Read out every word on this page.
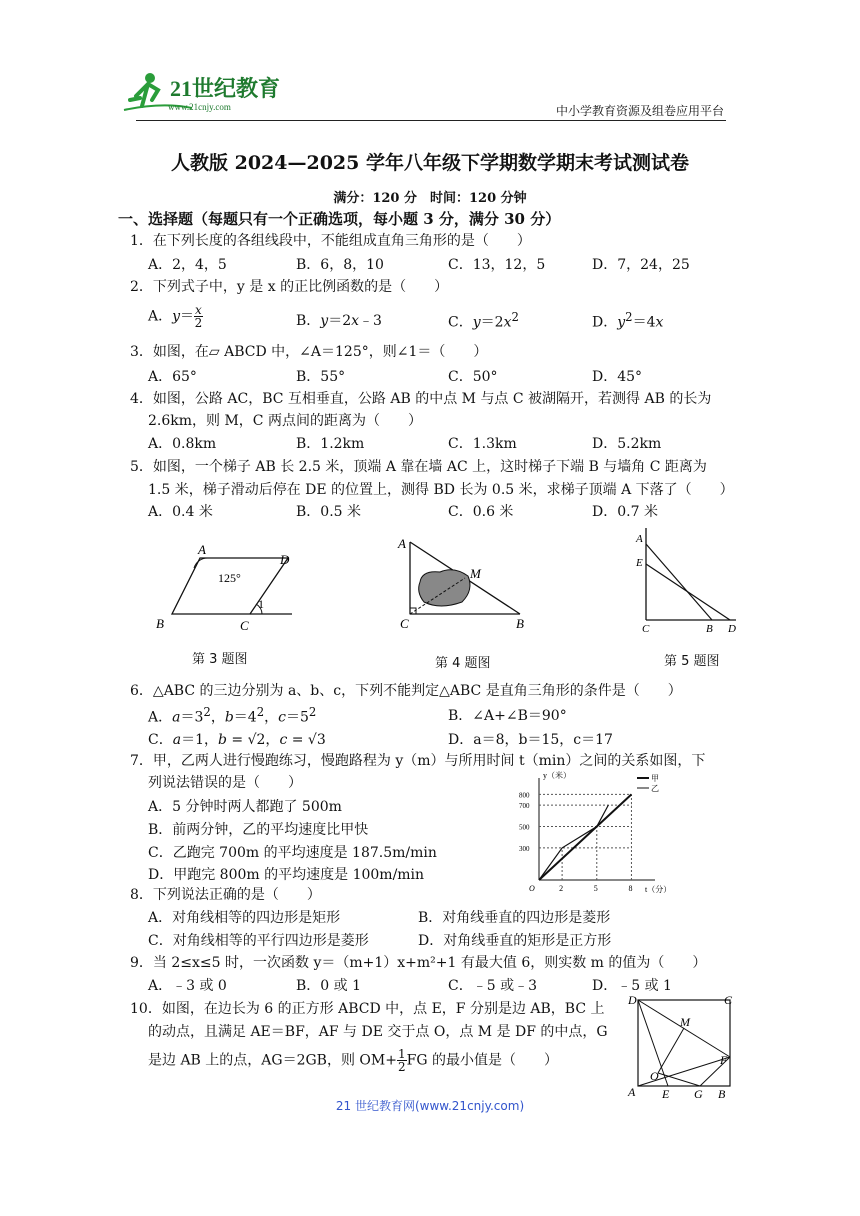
21世纪教育
www.21cnjy.com	中小学教育资源及组卷应用平台
人教版 2024—2025 学年八年级下学期数学期末考试测试卷
满分：120 分　时间：120 分钟
一、选择题（每题只有一个正确选项，每小题 3 分，满分 30 分）
1．在下列长度的各组线段中，不能组成直角三角形的是（　　）
A．2，4，5	B．6，8，10	C．13，12，5	D．7，24，25
2．下列式子中，y 是 x 的正比例函数的是（　　）
A．$y= \frac{x}{2}$	B．y＝2x﹣3	C．$y=2x^2$	D．$y^2=4x$
3．如图，在▱ ABCD 中，∠A＝125°，则∠1＝（　　）
A．65°	B．55°	C．50°	D．45°
4．如图，公路 AC，BC 互相垂直，公路 AB 的中点 M 与点 C 被湖隔开，若测得 AB 的长为
2.6km，则 M，C 两点间的距离为（　　）
A．0.8km	B．1.2km	C．1.3km	D．5.2km
5．如图，一个梯子 AB 长 2.5 米，顶端 A 靠在墙 AC 上，这时梯子下端 B 与墙角 C 距离为
1.5 米，梯子滑动后停在 DE 的位置上，测得 BD 长为 0.5 米，求梯子顶端 A 下落了（　　）
A．0.4 米	B．0.5 米	C．0.6 米	D．0.7 米
A
D
B	C
125°
1
第 3 题图
A
M
C	B
第 4 题图
A
E
C	B D
第 5 题图
6．△ABC 的三边分别为 a、b、c，下列不能判定△ABC 是直角三角形的条件是（　　）
A．$a=3^2$，$b=4^2$，$c=5^2$	B．∠A+∠B＝90°
C．a＝1，b = √2，c = √3	D．a＝8，b＝15，c＝17
7．甲，乙两人进行慢跑练习，慢跑路程为 y（m）与所用时间 t（min）之间的关系如图，下
列说法错误的是（　　）
A．5 分钟时两人都跑了 500m
B．前两分钟，乙的平均速度比甲快
C．乙跑完 700m 的平均速度是 187.5m/min
D．甲跑完 800m 的平均速度是 100m/min
y（米）
t（分）
O	2	5	8
300
500
700
800
甲
乙
8．下列说法正确的是（　　）
A．对角线相等的四边形是矩形	B．对角线垂直的四边形是菱形
C．对角线相等的平行四边形是菱形	D．对角线垂直的矩形是正方形
9．当 2≤x≤5 时，一次函数 y＝（m+1）x+m²+1 有最大值 6，则实数 m 的值为（　　）
A．﹣3 或 0	B．0 或 1	C．﹣5 或﹣3	D．﹣5 或 1
10．如图，在边长为 6 的正方形 ABCD 中，点 E，F 分别是边 AB，BC 上
的动点，且满足 AE＝BF，AF 与 DE 交于点 O，点 M 是 DF 的中点，G
是边 AB 上的点，AG＝2GB，则 $OM+ \frac{1}{2}$ FG 的最小值是（　　）
D	C
M
F
O
A E G B
21 世纪教育网(www.21cnjy.com)
